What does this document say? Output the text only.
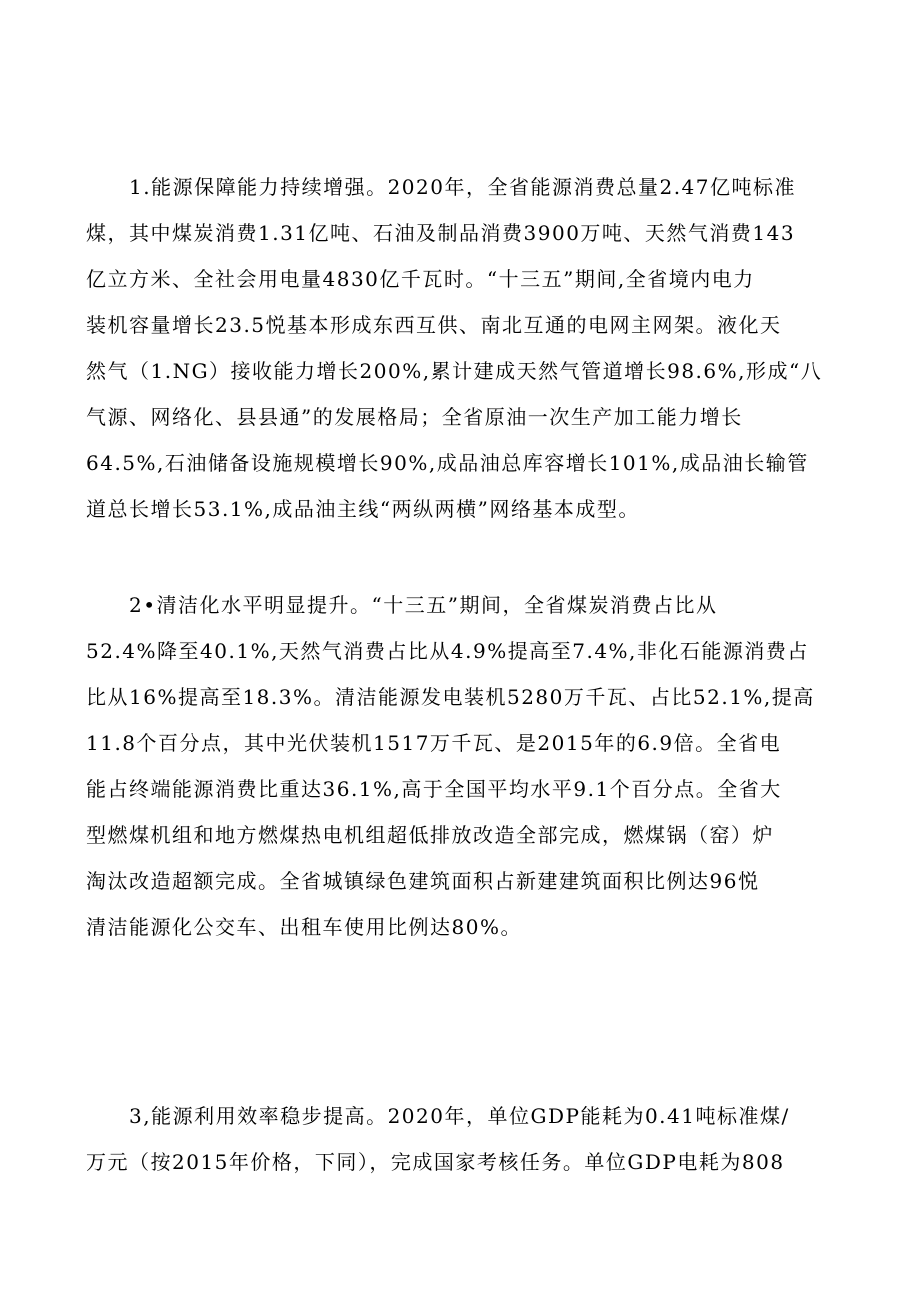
　　1.能源保障能力持续增强。2020年，全省能源消费总量2.47亿吨标准
煤，其中煤炭消费1.31亿吨、石油及制品消费3900万吨、天然气消费143
亿立方米、全社会用电量4830亿千瓦时。“十三五”期间,全省境内电力
装机容量增长23.5悦基本形成东西互供、南北互通的电网主网架。液化天
然气（1.NG）接收能力增长200%,累计建成天然气管道增长98.6%,形成“八
气源、网络化、县县通”的发展格局；全省原油一次生产加工能力增长
64.5%,石油储备设施规模增长90%,成品油总库容增长101%,成品油长输管
道总长增长53.1%,成品油主线“两纵两横”网络基本成型。
　　2•清洁化水平明显提升。“十三五”期间，全省煤炭消费占比从
52.4%降至40.1%,天然气消费占比从4.9%提高至7.4%,非化石能源消费占
比从16%提高至18.3%。清洁能源发电装机5280万千瓦、占比52.1%,提高
11.8个百分点，其中光伏装机1517万千瓦、是2015年的6.9倍。全省电
能占终端能源消费比重达36.1%,高于全国平均水平9.1个百分点。全省大
型燃煤机组和地方燃煤热电机组超低排放改造全部完成，燃煤锅（窑）炉
淘汰改造超额完成。全省城镇绿色建筑面积占新建建筑面积比例达96悦
清洁能源化公交车、出租车使用比例达80%。
　　3,能源利用效率稳步提高。2020年，单位GDP能耗为0.41吨标准煤/
万元（按2015年价格，下同），完成国家考核任务。单位GDP电耗为808
